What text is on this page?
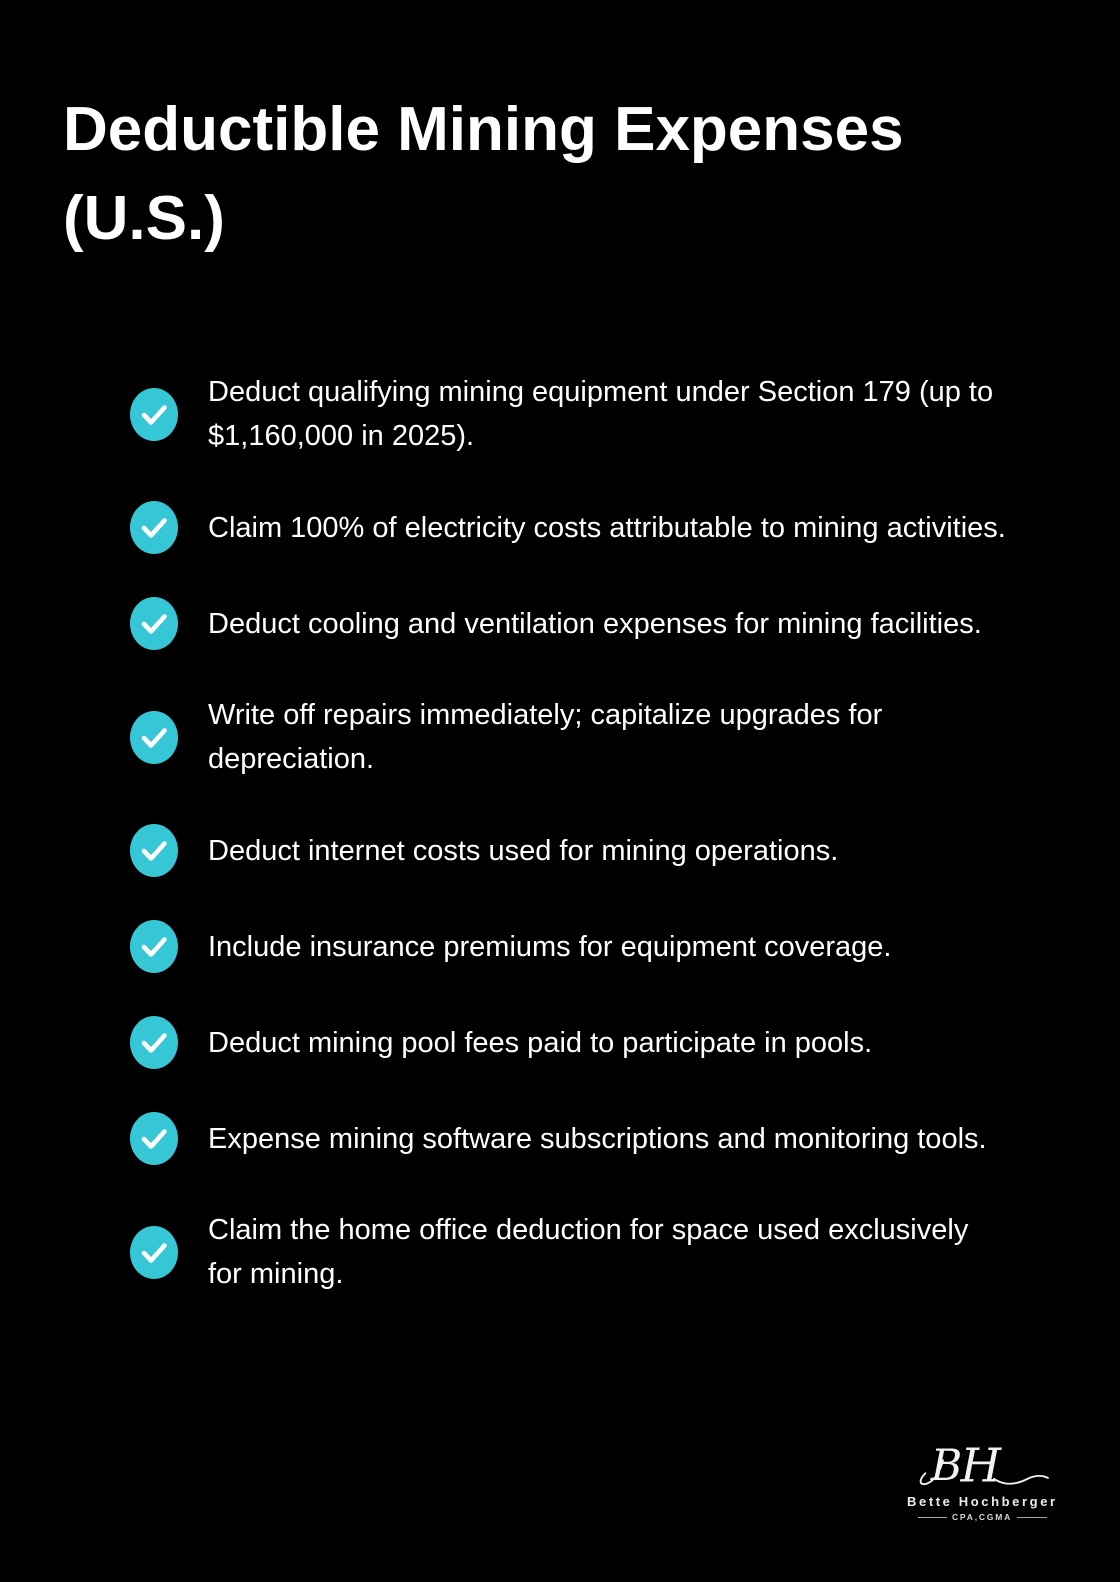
Deductible Mining Expenses (U.S.)
Deduct qualifying mining equipment under Section 179 (up to $1,160,000 in 2025).
Claim 100% of electricity costs attributable to mining activities.
Deduct cooling and ventilation expenses for mining facilities.
Write off repairs immediately; capitalize upgrades for depreciation.
Deduct internet costs used for mining operations.
Include insurance premiums for equipment coverage.
Deduct mining pool fees paid to participate in pools.
Expense mining software subscriptions and monitoring tools.
Claim the home office deduction for space used exclusively for mining.
B
H
Bette Hochberger
CPA,CGMA
